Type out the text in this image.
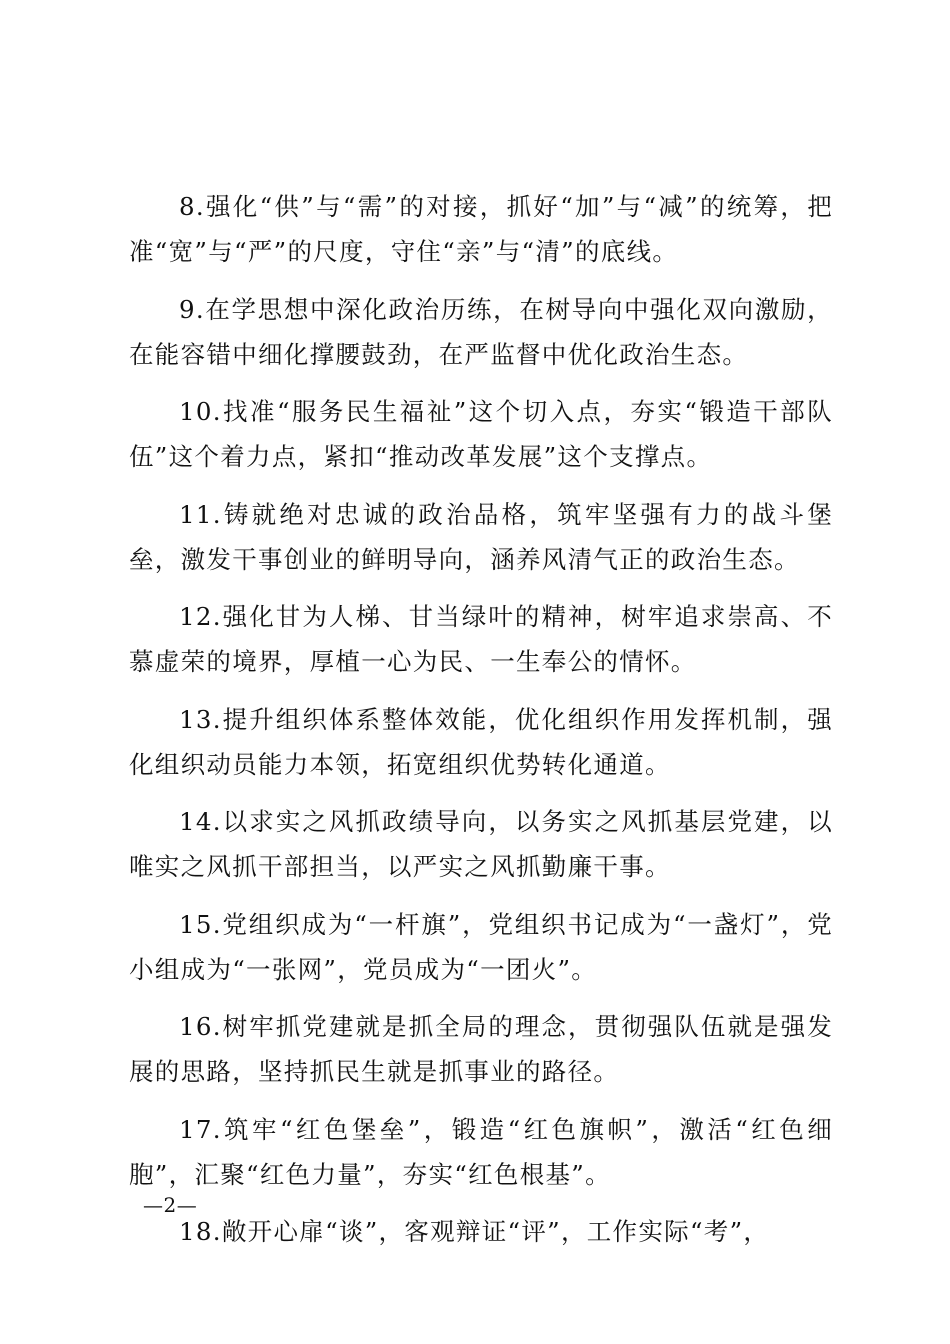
8.强化“供”与“需”的对接，抓好“加”与“减”的统筹，把准“宽”与“严”的尺度，守住“亲”与“清”的底线。

9.在学思想中深化政治历练，在树导向中强化双向激励，在能容错中细化撑腰鼓劲，在严监督中优化政治生态。

10.找准“服务民生福祉”这个切入点，夯实“锻造干部队伍”这个着力点，紧扣“推动改革发展”这个支撑点。

11.铸就绝对忠诚的政治品格，筑牢坚强有力的战斗堡垒，激发干事创业的鲜明导向，涵养风清气正的政治生态。

12.强化甘为人梯、甘当绿叶的精神，树牢追求崇高、不慕虚荣的境界，厚植一心为民、一生奉公的情怀。

13.提升组织体系整体效能，优化组织作用发挥机制，强化组织动员能力本领，拓宽组织优势转化通道。

14.以求实之风抓政绩导向，以务实之风抓基层党建，以唯实之风抓干部担当，以严实之风抓勤廉干事。

15.党组织成为“一杆旗”，党组织书记成为“一盏灯”，党小组成为“一张网”，党员成为“一团火”。

16.树牢抓党建就是抓全局的理念，贯彻强队伍就是强发展的思路，坚持抓民生就是抓事业的路径。

17.筑牢“红色堡垒”，锻造“红色旗帜”，激活“红色细胞”，汇聚“红色力量”，夯实“红色根基”。

18.敞开心扉“谈”，客观辩证“评”，工作实际“考”，

—2—
